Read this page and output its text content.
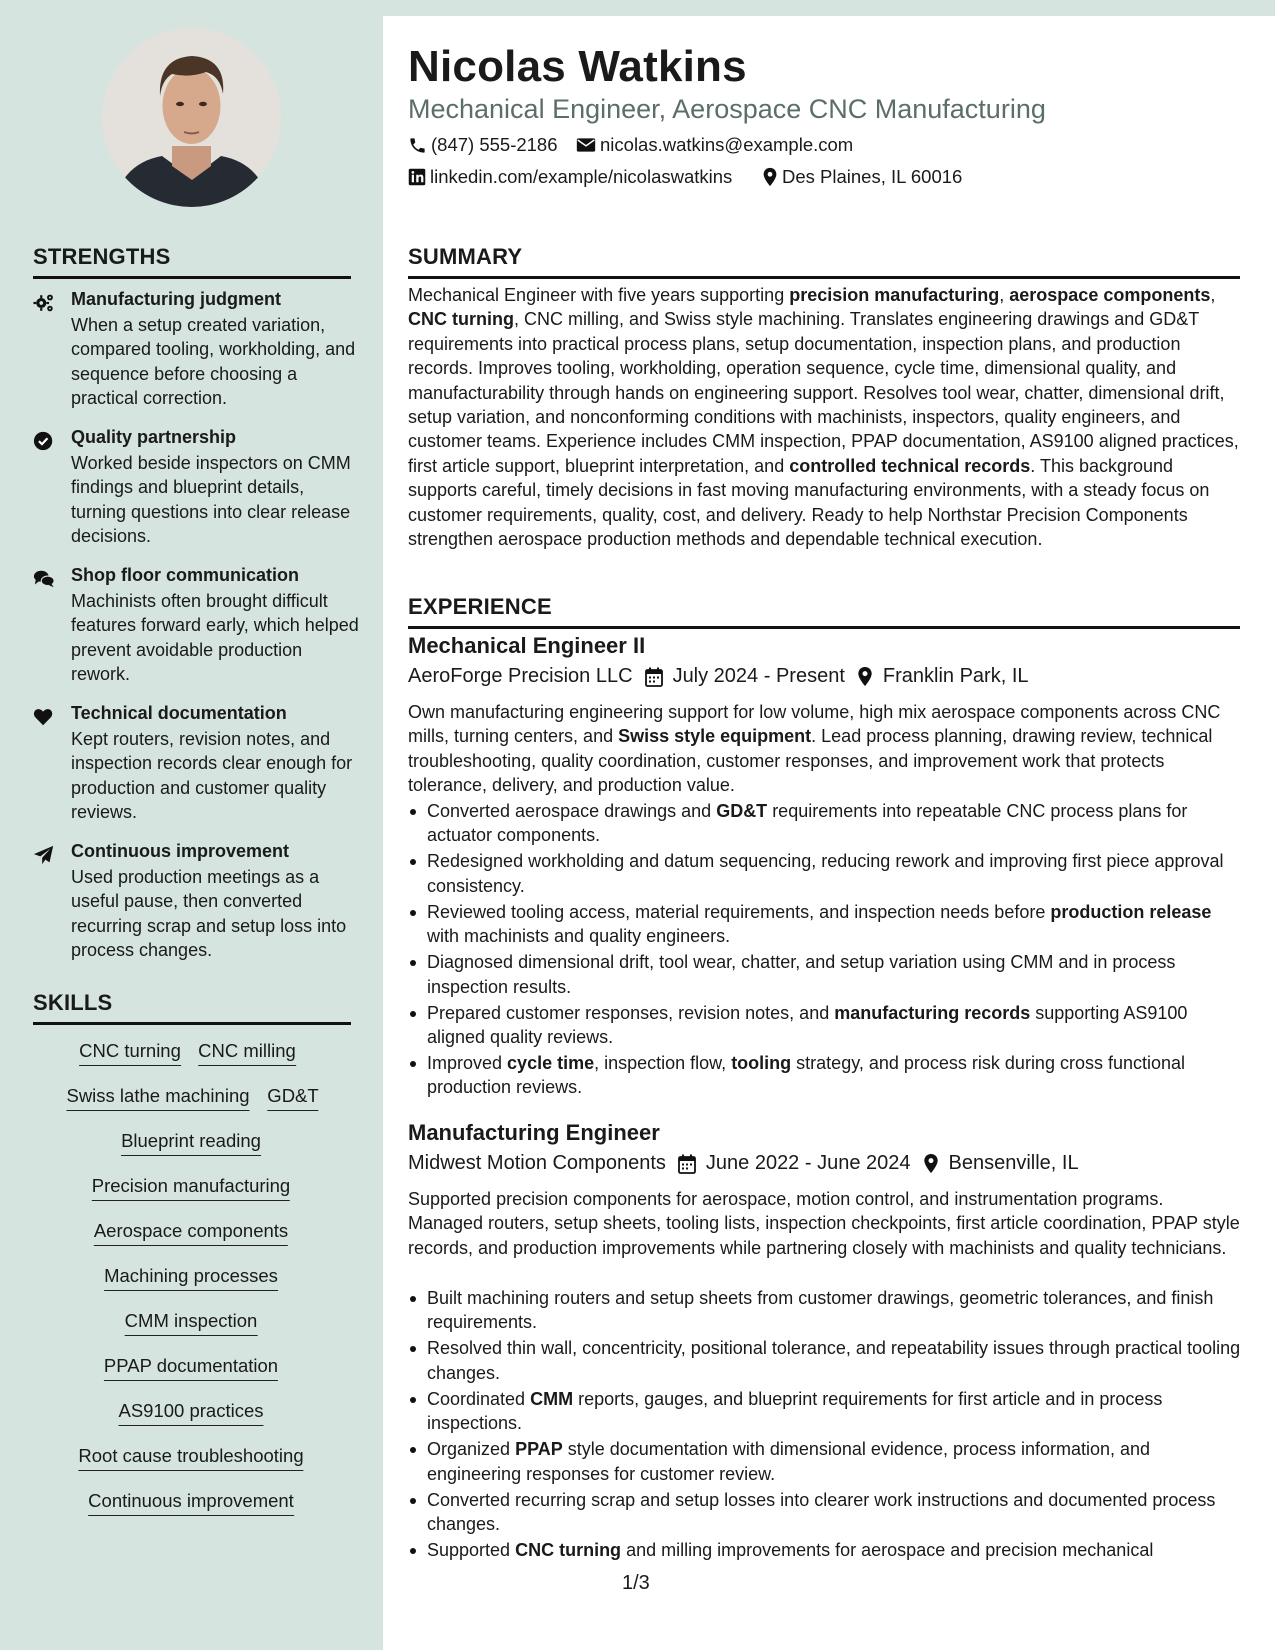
Nicolas Watkins
Mechanical Engineer, Aerospace CNC Manufacturing
(847) 555-2186 nicolas.watkins@example.com
linkedin.com/example/nicolaswatkins	Des Plaines, IL 60016
STRENGTHS
Manufacturing judgment
When a setup created variation, compared tooling, workholding, and sequence before choosing a practical correction.
Quality partnership
Worked beside inspectors on CMM findings and blueprint details, turning questions into clear release decisions.
Shop floor communication
Machinists often brought difficult features forward early, which helped prevent avoidable production rework.
Technical documentation
Kept routers, revision notes, and inspection records clear enough for production and customer quality reviews.
Continuous improvement
Used production meetings as a useful pause, then converted recurring scrap and setup loss into process changes.
SKILLS
CNC turning CNC milling
Swiss lathe machining GD&T
Blueprint reading
Precision manufacturing
Aerospace components
Machining processes
CMM inspection
PPAP documentation
AS9100 practices
Root cause troubleshooting
Continuous improvement
SUMMARY
Mechanical Engineer with five years supporting precision manufacturing, aerospace components, CNC turning, CNC milling, and Swiss style machining. Translates engineering drawings and GD&T requirements into practical process plans, setup documentation, inspection plans, and production records. Improves tooling, workholding, operation sequence, cycle time, dimensional quality, and manufacturability through hands on engineering support. Resolves tool wear, chatter, dimensional drift, setup variation, and nonconforming conditions with machinists, inspectors, quality engineers, and customer teams. Experience includes CMM inspection, PPAP documentation, AS9100 aligned practices, first article support, blueprint interpretation, and controlled technical records. This background supports careful, timely decisions in fast moving manufacturing environments, with a steady focus on customer requirements, quality, cost, and delivery. Ready to help Northstar Precision Components strengthen aerospace production methods and dependable technical execution.
EXPERIENCE
Mechanical Engineer II
AeroForge Precision LLC July 2024 - Present Franklin Park, IL
Own manufacturing engineering support for low volume, high mix aerospace components across CNC mills, turning centers, and Swiss style equipment. Lead process planning, drawing review, technical troubleshooting, quality coordination, customer responses, and improvement work that protects tolerance, delivery, and production value.
Converted aerospace drawings and GD&T requirements into repeatable CNC process plans for actuator components.
Redesigned workholding and datum sequencing, reducing rework and improving first piece approval consistency.
Reviewed tooling access, material requirements, and inspection needs before production release with machinists and quality engineers.
Diagnosed dimensional drift, tool wear, chatter, and setup variation using CMM and in process inspection results.
Prepared customer responses, revision notes, and manufacturing records supporting AS9100 aligned quality reviews.
Improved cycle time, inspection flow, tooling strategy, and process risk during cross functional production reviews.
Manufacturing Engineer
Midwest Motion Components June 2022 - June 2024 Bensenville, IL
Supported precision components for aerospace, motion control, and instrumentation programs. Managed routers, setup sheets, tooling lists, inspection checkpoints, first article coordination, PPAP style records, and production improvements while partnering closely with machinists and quality technicians.
Built machining routers and setup sheets from customer drawings, geometric tolerances, and finish requirements.
Resolved thin wall, concentricity, positional tolerance, and repeatability issues through practical tooling changes.
Coordinated CMM reports, gauges, and blueprint requirements for first article and in process inspections.
Organized PPAP style documentation with dimensional evidence, process information, and engineering responses for customer review.
Converted recurring scrap and setup losses into clearer work instructions and documented process changes.
Supported CNC turning and milling improvements for aerospace and precision mechanical
1/3
